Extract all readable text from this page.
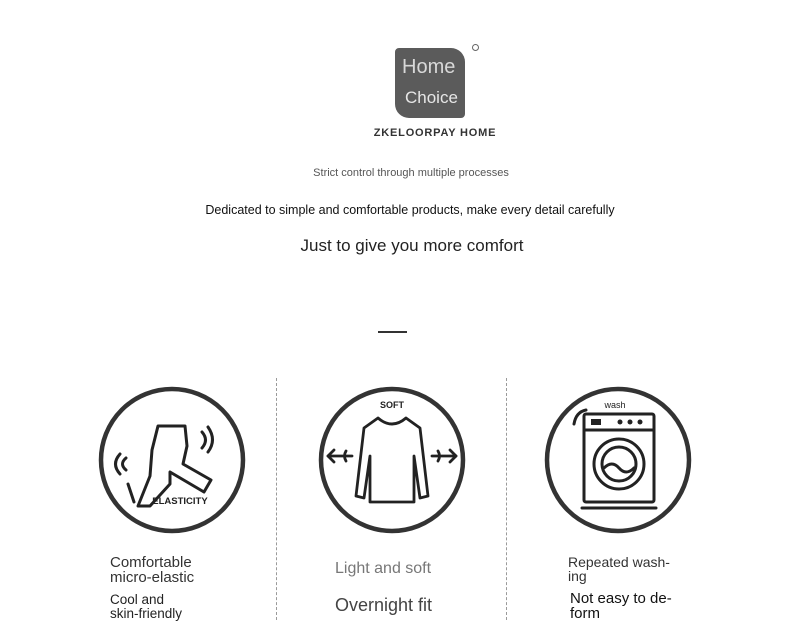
Home
Choice
ZKELOORPAY HOME
Strict control through multiple processes
Dedicated to simple and comfortable products, make every detail carefully
Just to give you more comfort
ELASTICITY
SOFT	wash
Comfortable
micro-elastic
Cool and
skin-friendly
Light and soft
Overnight fit
Repeated wash-
ing
Not easy to de-
form
